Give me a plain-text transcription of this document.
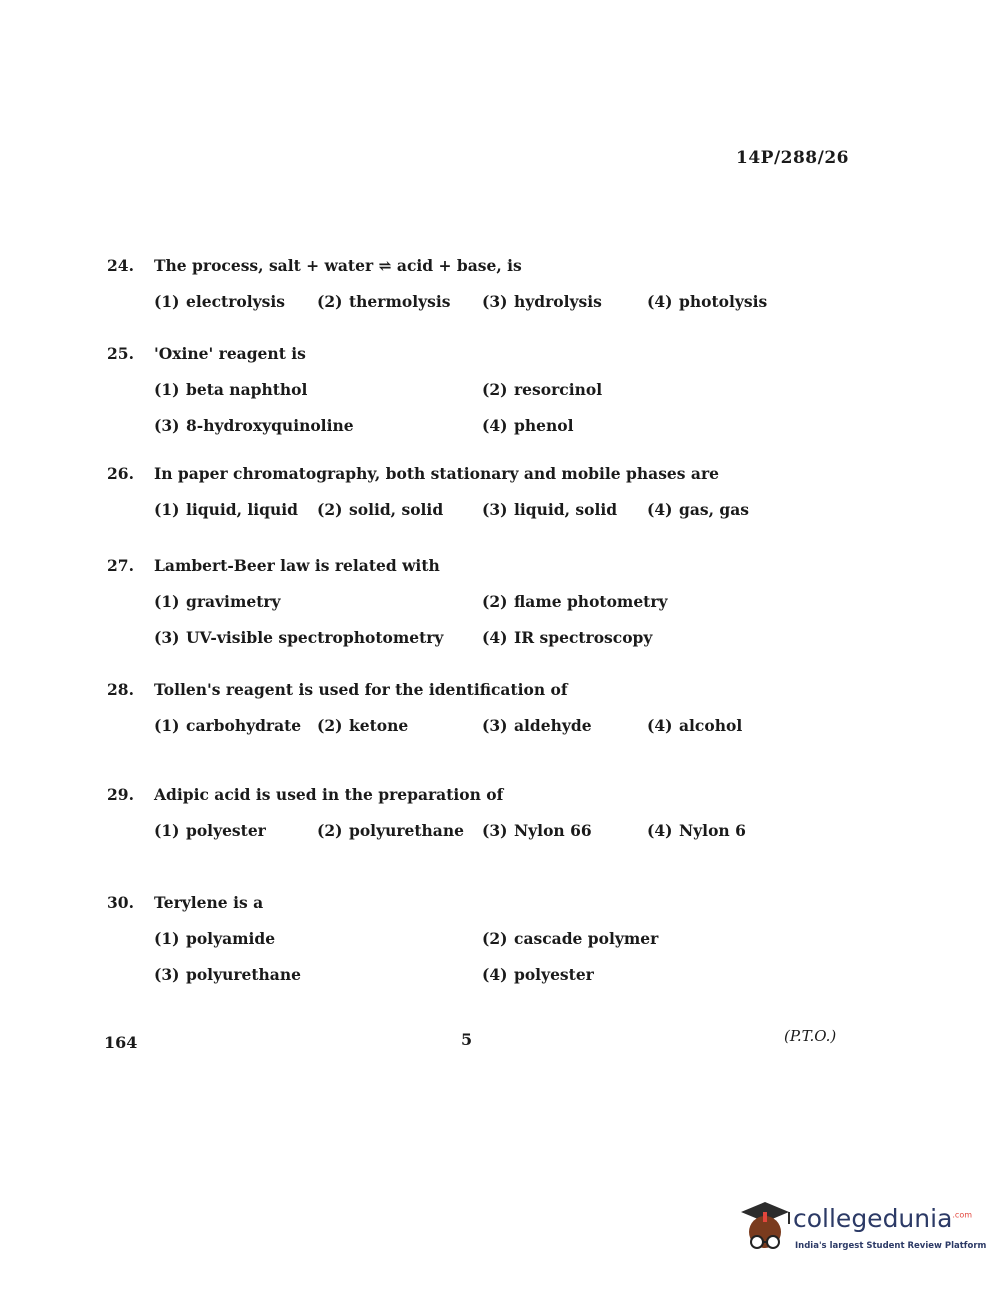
14P/288/26
24.	The process, salt + water ⇌ acid + base, is
(1) electrolysis (2) thermolysis (3) hydrolysis	(4) photolysis
25.	'Oxine' reagent is
(1) beta naphthol	(2) resorcinol
(3) 8-hydroxyquinoline	(4) phenol
26.	In paper chromatography, both stationary and mobile phases are
(1) liquid, liquid (2) solid, solid	(3) liquid, solid (4) gas, gas
27.	Lambert-Beer law is related with
(1) gravimetry	(2) flame photometry
(3) UV-visible spectrophotometry (4) IR spectroscopy
28.	Tollen's reagent is used for the identification of
(1) carbohydrate (2) ketone	(3) aldehyde	(4) alcohol
29.	Adipic acid is used in the preparation of
(1) polyester	(2) polyurethane (3) Nylon 66	(4) Nylon 6
30.	Terylene is a
(1) polyamide	(2) cascade polymer
(3) polyurethane	(4) polyester
164	5	(P.T.O.)
collegedunia$^{.com}$
India's largest Student Review Platform
